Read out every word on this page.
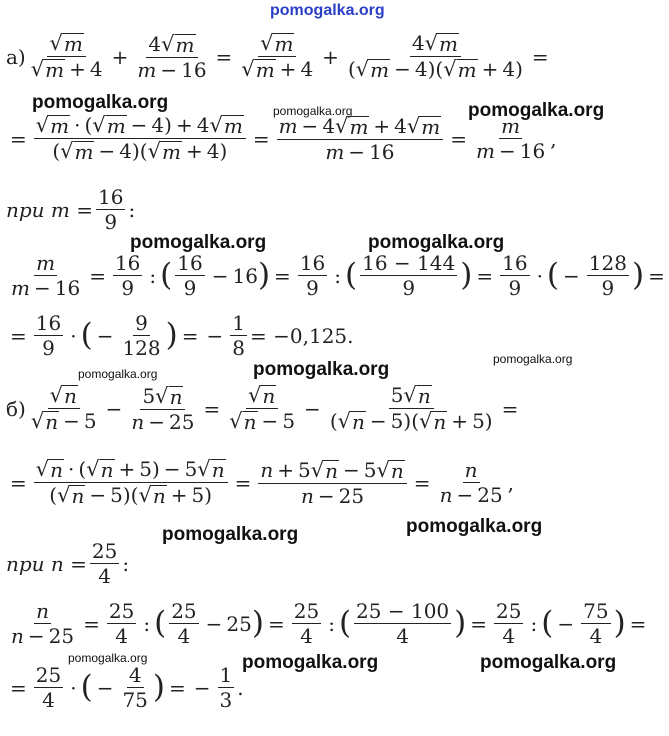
pomogalka.org
pomogalka.org	pomogalka.org	pomogalka.org
pomogalka.org	pomogalka.org
pomogalka.org	pomogalka.org	pomogalka.org
pomogalka.org
pomogalka.org
pomogalka.org	pomogalka.org	pomogalka.org
$а) \frac{√ m}{√ m + 4} + \frac{4 √ m}{m - 16} = \frac{√ m}{√ m + 4} + \frac{4 √ m}{( √ m - 4)( √ m + 4)}$ =
= $\frac{√ m \cdot ( √ m - 4) + 4 √ m}{( √ m - 4)( √ m + 4)} = \frac{m - 4 √ m + 4 √ m}{m - 16} = \frac{m}{m - 16}$ ,
при $m = \frac{16}{9}$ :
$\frac{m}{m - 16} = \frac{16}{9}$ : ( $\frac{16}{9} - 16$ ) = $\frac{16}{9}$ : ( $\frac{16 - 144}{9}$ ) = $\frac{16}{9}$ · ( − $\frac{128}{9}$ ) =
= $\frac{16}{9}$ · ( − $\frac{9}{128}$ ) = − $\frac{1}{8} = -0,125$.
$б) \frac{√ n}{√ n - 5} - \frac{5 √ n}{n - 25} = \frac{√ n}{√ n - 5} - \frac{5 √ n}{( √ n - 5)( √ n + 5)}$ =
= $\frac{√ n \cdot ( √ n + 5) - 5 √ n}{( √ n - 5)( √ n + 5)} = \frac{n + 5 √ n - 5 √ n}{n - 25} = \frac{n}{n - 25}$ ,
при $n = \frac{25}{4}$ :
$\frac{n}{n - 25} = \frac{25}{4}$ : ( $\frac{25}{4} - 25$ ) = $\frac{25}{4}$ : ( $\frac{25 - 100}{4}$ ) = $\frac{25}{4}$ : ( − $\frac{75}{4}$ ) =
= $\frac{25}{4}$ · ( − $\frac{4}{75}$ ) = − $\frac{1}{3}$ .
